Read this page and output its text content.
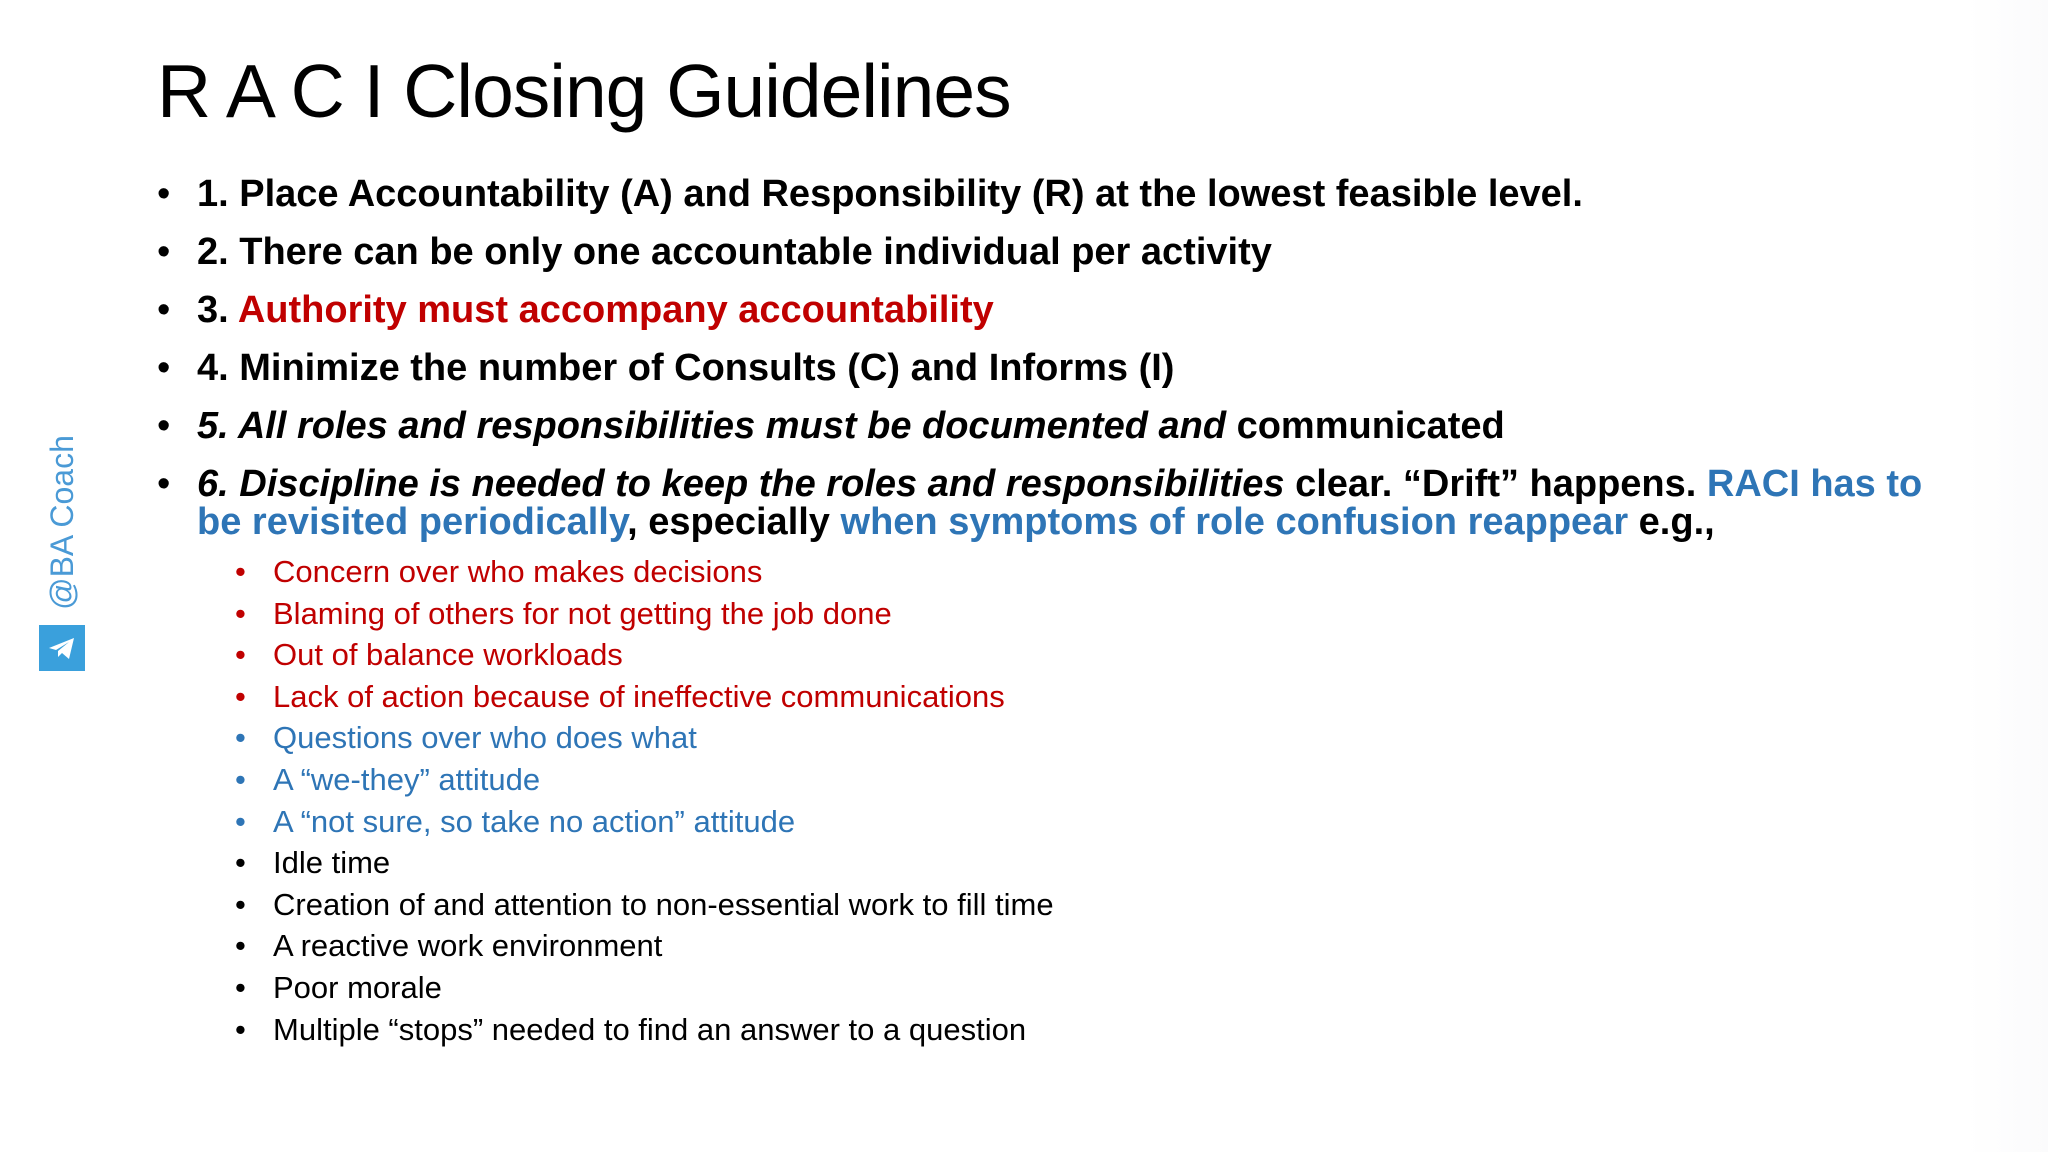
R A C I Closing Guidelines
• 1. Place Accountability (A) and Responsibility (R) at the lowest feasible level.
• 2. There can be only one accountable individual per activity
• 3. Authority must accompany accountability
• 4. Minimize the number of Consults (C) and Informs (I)
• 5. All roles and responsibilities must be documented and communicated
• 6. Discipline is needed to keep the roles and responsibilities clear. “Drift” happens. RACI has to be revisited periodically, especially when symptoms of role confusion reappear e.g.,
• Concern over who makes decisions
• Blaming of others for not getting the job done
• Out of balance workloads
• Lack of action because of ineffective communications
• Questions over who does what
• A “we-they” attitude
• A “not sure, so take no action” attitude
• Idle time
• Creation of and attention to non-essential work to fill time
• A reactive work environment
• Poor morale
• Multiple “stops” needed to find an answer to a question
@BA Coach
